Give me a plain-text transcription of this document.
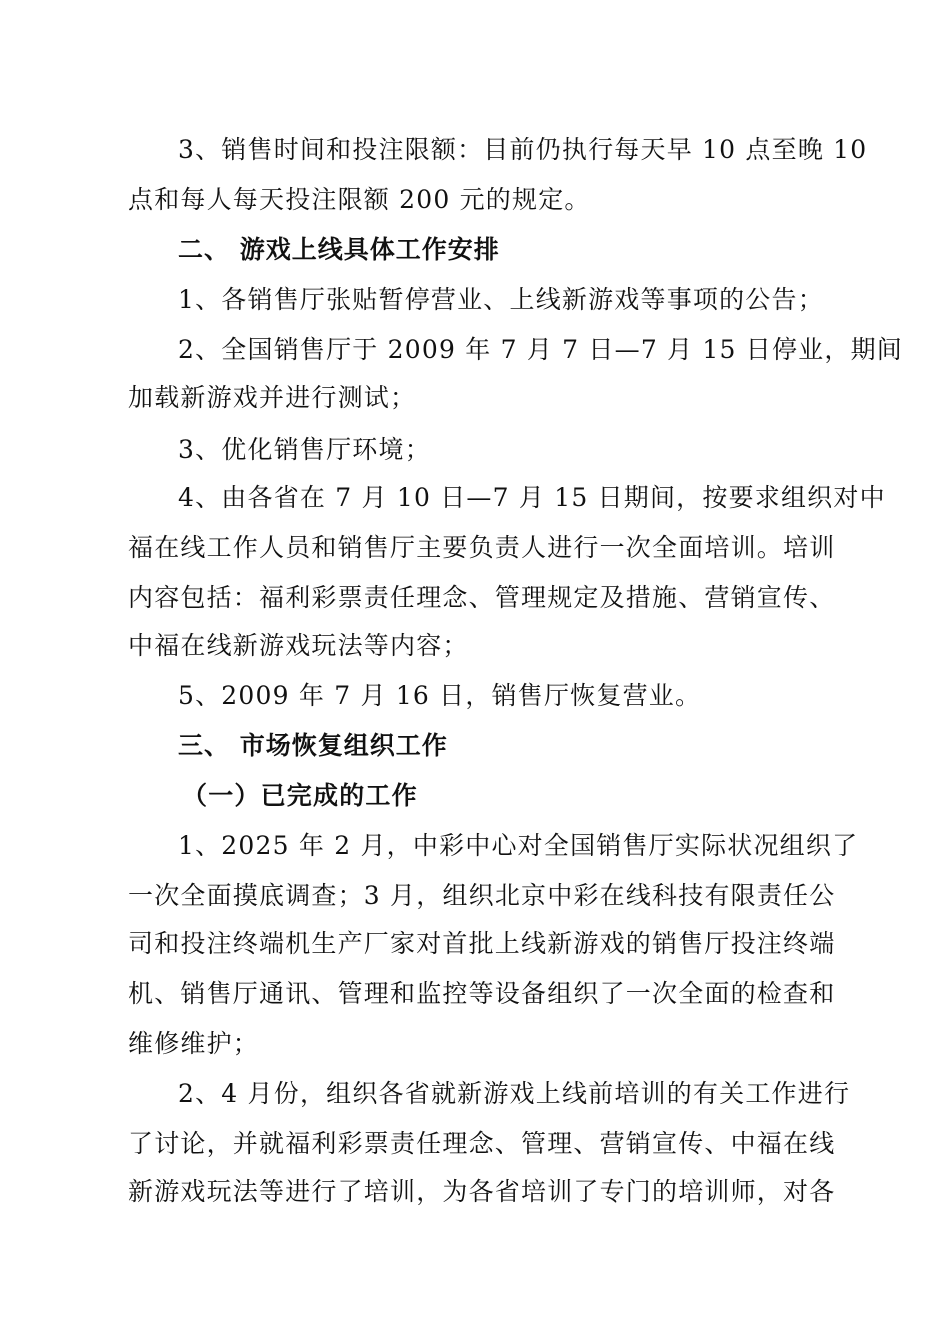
3、销售时间和投注限额：目前仍执行每天早 10 点至晚 10
点和每人每天投注限额 200 元的规定。
二、 游戏上线具体工作安排
1、各销售厅张贴暂停营业、上线新游戏等事项的公告；
2、全国销售厅于 2009 年 7 月 7 日—7 月 15 日停业，期间
加载新游戏并进行测试；
3、优化销售厅环境；
4、由各省在 7 月 10 日—7 月 15 日期间，按要求组织对中
福在线工作人员和销售厅主要负责人进行一次全面培训。培训
内容包括：福利彩票责任理念、管理规定及措施、营销宣传、
中福在线新游戏玩法等内容；
5、2009 年 7 月 16 日，销售厅恢复营业。
三、 市场恢复组织工作
（一）已完成的工作
1、2025 年 2 月，中彩中心对全国销售厅实际状况组织了
一次全面摸底调查；3 月，组织北京中彩在线科技有限责任公
司和投注终端机生产厂家对首批上线新游戏的销售厅投注终端
机、销售厅通讯、管理和监控等设备组织了一次全面的检查和
维修维护；
2、4 月份，组织各省就新游戏上线前培训的有关工作进行
了讨论，并就福利彩票责任理念、管理、营销宣传、中福在线
新游戏玩法等进行了培训，为各省培训了专门的培训师，对各
